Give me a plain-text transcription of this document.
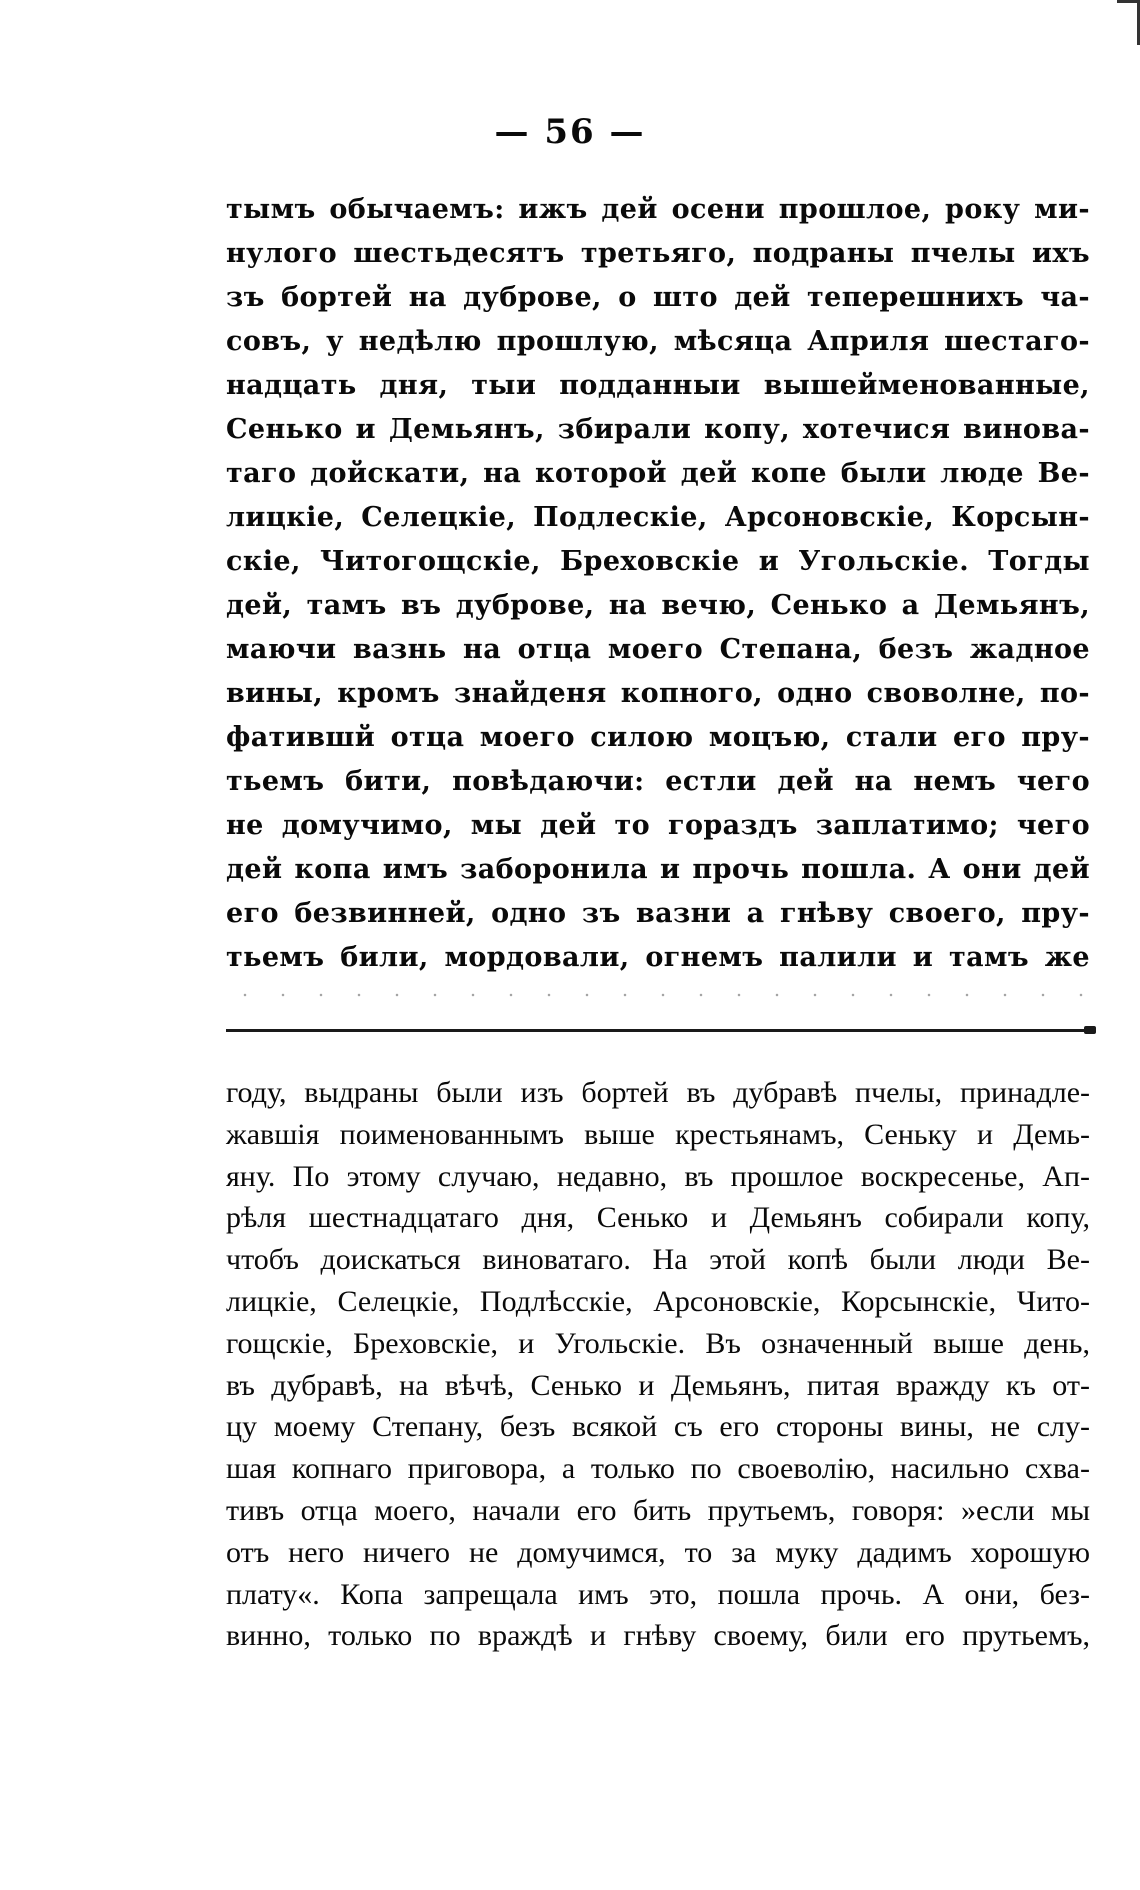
— 56 —
тымъ обычаемъ: ижъ дей осени прошлое, року ми-
нулого шестьдесятъ третьяго, подраны пчелы ихъ
зъ бортей на дуброве, о што дей теперешнихъ ча-
совъ, у недѣлю прошлую, мѣсяца Априля шестаго-
надцать дня, тыи подданныи вышейменованные,
Сенько и Демьянъ, збирали копу, хотечися винова-
таго дойскати, на которой дей копе были люде Ве-
лицкіе, Селецкіе, Подлескіе, Арсоновскіе, Корсын-
скіе, Читогощскіе, Бреховскіе и Угольскіе. Тогды
дей, тамъ въ дуброве, на вечю, Сенько а Демьянъ,
маючи вазнь на отца моего Степана, безъ жадное
вины, кромъ знайденя копного, одно своволне, по-
фатившй отца моего силою моцъю, стали его пру-
тьемъ бити, повѣдаючи: естли дей на немъ чего
не домучимо, мы дей то гораздъ заплатимо; чего
дей копа имъ заборонила и прочь пошла. А они дей
его безвинней, одно зъ вазни а гнѣву своего, пру-
тьемъ били, мордовали, огнемъ палили и тамъ же
году, выдраны были изъ бортей въ дубравѣ пчелы, принадле-
жавшія поименованнымъ выше крестьянамъ, Сеньку и Демь-
яну. По этому случаю, недавно, въ прошлое воскресенье, Ап-
рѣля шестнадцатаго дня, Сенько и Демьянъ собирали копу,
чтобъ доискаться виноватаго. На этой копѣ были люди Ве-
лицкіе, Селецкіе, Подлѣсскіе, Арсоновскіе, Корсынскіе, Чито-
гощскіе, Бреховскіе, и Угольскіе. Въ означенный выше день,
въ дубравѣ, на вѣчѣ, Сенько и Демьянъ, питая вражду къ от-
цу моему Степану, безъ всякой съ его стороны вины, не слу-
шая копнаго приговора, а только по своеволію, насильно схва-
тивъ отца моего, начали его бить прутьемъ, говоря: »если мы
отъ него ничего не домучимся, то за муку дадимъ хорошую
плату«. Копа запрещала имъ это, пошла прочь. А они, без-
винно, только по враждѣ и гнѣву своему, били его прутьемъ,
